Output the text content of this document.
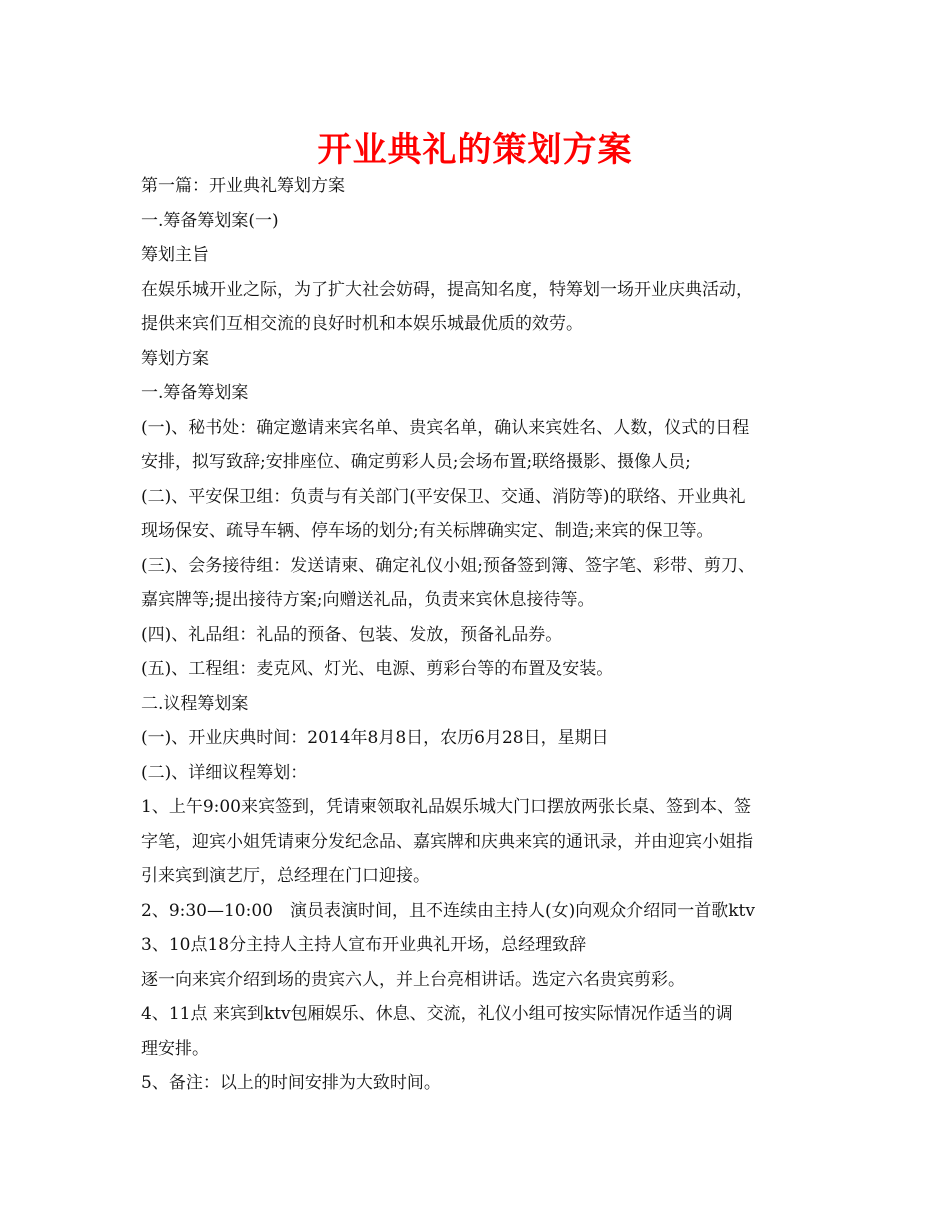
开业典礼的策划方案

第一篇：开业典礼筹划方案

一.筹备筹划案(一)

筹划主旨

在娱乐城开业之际，为了扩大社会妨碍，提高知名度，特筹划一场开业庆典活动，

提供来宾们互相交流的良好时机和本娱乐城最优质的效劳。

筹划方案

一.筹备筹划案

(一)、秘书处：确定邀请来宾名单、贵宾名单，确认来宾姓名、人数，仪式的日程

安排，拟写致辞;安排座位、确定剪彩人员;会场布置;联络摄影、摄像人员;

(二)、平安保卫组：负责与有关部门(平安保卫、交通、消防等)的联络、开业典礼

现场保安、疏导车辆、停车场的划分;有关标牌确实定、制造;来宾的保卫等。

(三)、会务接待组：发送请柬、确定礼仪小姐;预备签到簿、签字笔、彩带、剪刀、

嘉宾牌等;提出接待方案;向赠送礼品，负责来宾休息接待等。

(四)、礼品组：礼品的预备、包装、发放，预备礼品券。

(五)、工程组：麦克风、灯光、电源、剪彩台等的布置及安装。

二.议程筹划案

(一)、开业庆典时间：2014年8月8日，农历6月28日，星期日

(二)、详细议程筹划：

1、上午9:00来宾签到，凭请柬领取礼品娱乐城大门口摆放两张长桌、签到本、签

字笔，迎宾小姐凭请柬分发纪念品、嘉宾牌和庆典来宾的通讯录，并由迎宾小姐指

引来宾到演艺厅，总经理在门口迎接。

2、9:30—10:00　演员表演时间，且不连续由主持人(女)向观众介绍同一首歌ktv

3、10点18分主持人主持人宣布开业典礼开场，总经理致辞

逐一向来宾介绍到场的贵宾六人，并上台亮相讲话。选定六名贵宾剪彩。

4、11点 来宾到ktv包厢娱乐、休息、交流，礼仪小组可按实际情况作适当的调

理安排。

5、备注：以上的时间安排为大致时间。
